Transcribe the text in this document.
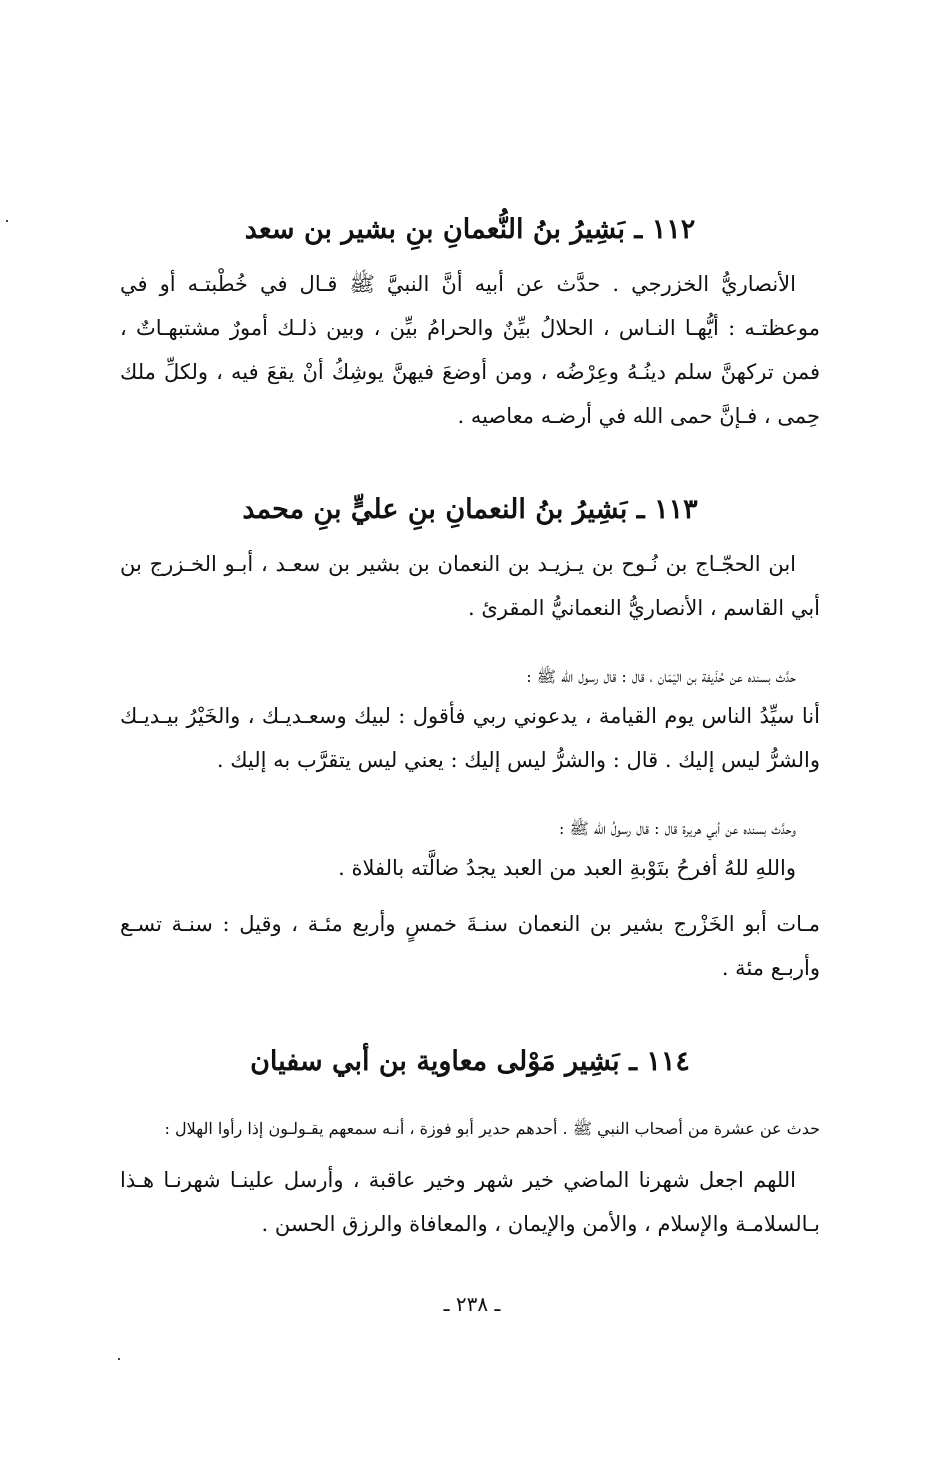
١١٢ ـ بَشِيرُ بنُ النُّعمانِ بنِ بشير بن سعد

الأنصاريُّ الخزرجي . حدَّث عن أبيه أنَّ النبيَّ ﷺ قـال في خُطْبتـه أو في موعظتـه : أيُّهـا النـاس ، الحلالُ بيِّنٌ والحرامُ بيِّن ، وبين ذلـك أمورٌ مشتبهـاتٌ ، فمن تركهنَّ سلم دينُـهُ وعِرْضُه ، ومن أوضعَ فيهنَّ يوشِكُ أنْ يقعَ فيه ، ولكلِّ ملك حِمى ، فـإنَّ حمى الله في أرضـه معاصيه .

١١٣ ـ بَشِيرُ بنُ النعمانِ بنِ عليٍّ بنِ محمد

ابن الحجّـاج بن نُـوح بن يـزيـد بن النعمان بن بشير بن سعـد ، أبـو الخـزرج بن أبي القاسم ، الأنصاريُّ النعمانيُّ المقرئ .

حدَّث بسنده عن حُذَيفة بن اليَمَان ، قال : قال رسول الله ﷺ :

أنا سيِّدُ الناس يوم القيامة ، يدعوني ربي فأقول : لبيك وسعـديـك ، والخَيْرُ بيـديـك والشرُّ ليس إليك . قال : والشرُّ ليس إليك : يعني ليس يتقرَّب به إليك .

وحدَّث بسنده عن أبي هريرة قال : قال رسولُ الله ﷺ :

واللهِ للهُ أفرحُ بتَوْبةِ العبد من العبد يجدُ ضالَّته بالفلاة .

مـات أبو الخَزْرج بشير بن النعمان سنـةَ خمسٍ وأربع مئـة ، وقيل : سنـة تسـع وأربـع مئة .

١١٤ ـ بَشِير مَوْلى معاوية بن أبي سفيان

حدث عن عشرة من أصحاب النبي ﷺ . أحدهم حدير أبو فوزة ، أنـه سمعهم يقـولـون إذا رأوا الهلال :

اللهم اجعل شهرنا الماضي خير شهر وخير عاقبة ، وأرسل علينـا شهرنـا هـذا بـالسلامـة والإسلام ، والأمن والإيمان ، والمعافاة والرزق الحسن .

ـ ٢٣٨ ـ
